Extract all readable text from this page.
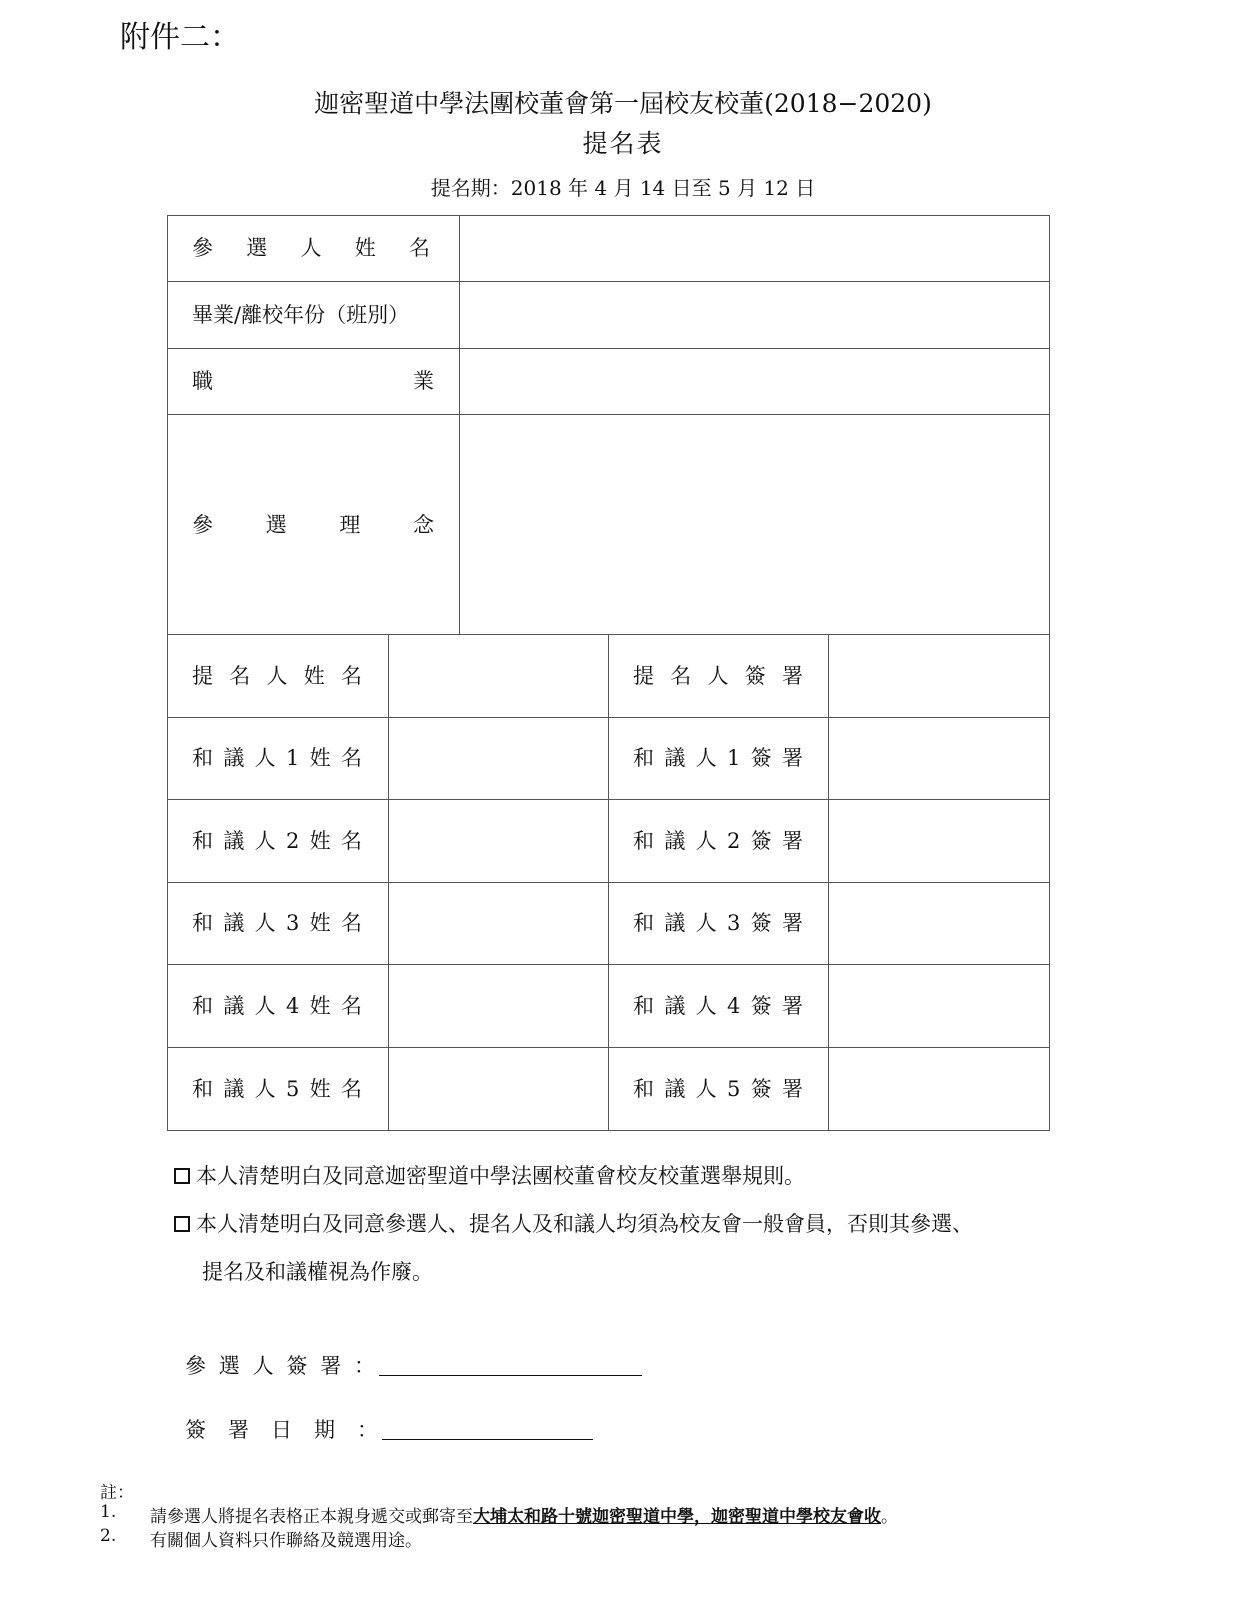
附件二：
迦密聖道中學法團校董會第一屆校友校董(2018−2020)
提名表
提名期：2018 年 4 月 14 日至 5 月 12 日
參 選 人 姓 名
畢業/離校年份（班別）
職	業
參	選	理	念
提 名 人 姓 名	提 名 人 簽 署
和 議 人 1 姓 名	和 議 人 1 簽 署
和 議 人 2 姓 名	和 議 人 2 簽 署
和 議 人 3 姓 名	和 議 人 3 簽 署
和 議 人 4 姓 名	和 議 人 4 簽 署
和 議 人 5 姓 名	和 議 人 5 簽 署
本人清楚明白及同意迦密聖道中學法團校董會校友校董選舉規則。
本人清楚明白及同意參選人、提名人及和議人均須為校友會一般會員，否則其參選、
提名及和議權視為作廢。
參 選 人 簽 署 ：
簽 署 日 期 ：
註：
1. 請參選人將提名表格正本親身遞交或郵寄至大埔太和路十號迦密聖道中學，迦密聖道中學校友會收。
2. 有關個人資料只作聯絡及競選用途。
